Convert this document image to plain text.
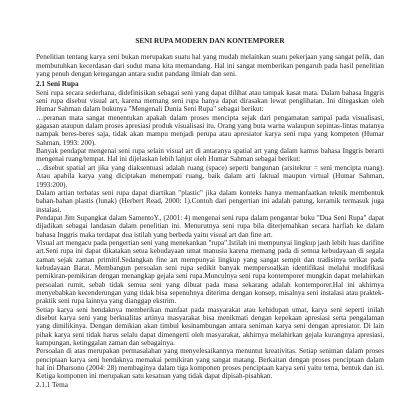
SENI RUPA MODERN DAN KONTEMPORER

Penelitian tentang karya seni bukan merupakan suatu hal yang mudah melainkan suatu pekerjaan yang sangat pelik, dan membutuhkan kecerdasan dari sudut mana kita memandang. Hal ini sangat memberikan pengaruh pada hasil penelitian yang penuh dengan ketegangan antara sudut pandang ilmiah dan seni.

2.1 Seni Rupa

Seni rupa secara sederhana, didefinisikan sebagai seni yang dapat dilihat atau tampak kasat mata. Dalam bahasa Inggris seni rupa disebut visual art, karena memang seni rupa hanya dapat dirasakan lewat penglihatan. Ini ditegaskan oleh Humar Sahman dalam bukunya "Mengenali Dunia Seni Rupa" sebagai berikut:

…peranan mata sangat menentukan apakah dalam proses mencipta sejak dari pengamatan sampai pada visualisasi, gagasan ataupun dalam proses apresiasi produk visualisasi itu. Orang yang buta warna walaupun sepintas-lintas matanya nampak beres-beres saja, tidak akan mampu menjadi perupa atau apresiator karya seni rupa yang kompeten (Humar Sahman, 1993: 200).

Banyak pendapat mengenai seni rupa selain visual art di antaranya spatial art yang dalam kamus bahasa Inggris berarti mengenai ruang/tempat. Hal ini dijelaskan lebih lanjut oleh Humar Sahman sebagai berikut:

…disebut spatial art jika yang diaksentuasi adalah ruang (space) seperti bangunan (arsitektur = seni mencipta ruang). Atau apabila karya yang diciptakan menempati ruang, baik dalam arti faktual maupun virtual (Humar Sahman, 1993:200).

Dalam artian terbatas seni rupa dapat diartikan "plastic" jika dalam konteks hanya memanfaatkan teknik membentuk bahan-bahan plastis (lunak) (Herbert Read, 2000: 1).Contoh dari pengertian ini adalah patung, keramik termasuk juga instalasi.

Pendapat Jim Supangkat dalam SamentoY., (2001: 4) mengenai seni rupa dalam pengantar buku "Dua Seni Rupa" dapat dijadikan sebagai landasan dalam penelitian ini. Menurutnya seni rupa bila diterjemahkan secara harfiah ke dalam bahasa Inggris maka terdapat dua istilah yang berbeda yaitu visual art dan fine art.

Visual art mengacu pada pengertian seni yang menekankan "rupa".Istilah ini mempunyai lingkup jauh lebih luas darifine art.Seni rupa ini dapat dikatakan setua kebudayaan umat manusia karena memang pada di semua kebudayaan di segala zaman sejak zaman primitif.Sedangkan fine art mempunyai lingkup yang sangat sempit dan tradisinya terikat pada kebudayaan Barat. Membangun persoalan seni rupa sedikit banyak mempersoalkan identifikasi melalui modifikasi pemikiran-pemikiran dengan menangkap gejala seni rupa.Munculnya seni rupa kontemporer mungkin dapat melahirkan persoalan rumit, sebab tidak semua seni yang dibuat pada masa sekarang adalah kontemporer.Hal ini akhirnya menyebabkan kecenderungan yang tidak bisa sepenuhnya diterima dengan konsep, misalnya seni instalasi atau praktek-praktik seni rupa lainnya yang dianggap ekstrim.

Setiap karya seni hendaknya memberikan manfaat pada masyarakat atau kehidupan umat, karya seni seperti inilah disebut karya seni yang berkualitas artinya masyarakat bisa menikmati dengan kepekaan apresiasi serta pengalaman yang dimilikinya. Dengan demikian akan timbul kesinambungan antara seniman karya seni dengan apresiator. Di lain pihak karya seni tidak harus selalu dapat dimengerti oleh masyarakat, akhirnya melahirkan gejala kurangnya apresiasi, kampungan, ketinggalan zaman dan sebagainya.

Persoalan di atas merupakan permasalahan yang menyelesaikannya menuntut kreativitas. Setiap seniman dalam proses penciptaan karya seni hendaknya memakai pemikiran yang sangat matang. Berkaitan dengan proses penciptaan dalam hal ini Dharsono (2004: 28) membaginya dalam tiga komponen proses penciptaan karya seni yaitu tema, bentuk dan isi. Ketiga komponen ini merupakan satu kesatuan yang tidak dapat dipisah-pisahkan.

2.1.1 Tema
